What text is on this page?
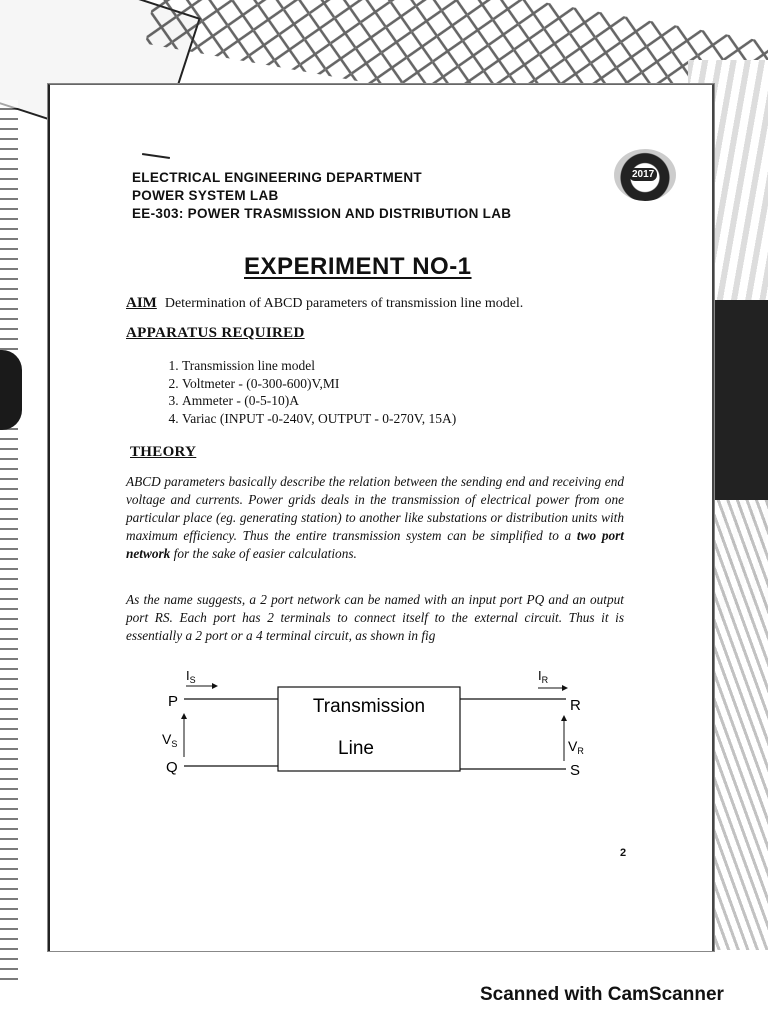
ELECTRICAL ENGINEERING DEPARTMENT
POWER SYSTEM LAB
EE-303: POWER TRASMISSION AND DISTRIBUTION LAB
2017
EXPERIMENT NO-1
AIM Determination of ABCD parameters of transmission line model.
APPARATUS REQUIRED
1. Transmission line model
2. Voltmeter - (0-300-600)V,MI
3. Ammeter - (0-5-10)A
4. Variac (INPUT -0-240V, OUTPUT - 0-270V, 15A)
THEORY

ABCD parameters basically describe the relation between the sending end and receiving end voltage and currents. Power grids deals in the transmission of electrical power from one particular place (eg. generating station) to another like substations or distribution units with maximum efficiency. Thus the entire transmission system can be simplified to a two port network for the sake of easier calculations.

As the name suggests, a 2 port network can be named with an input port PQ and an output port RS. Each port has 2 terminals to connect itself to the external circuit. Thus it is essentially a 2 port or a 4 terminal circuit, as shown in fig

Transmission
Line
P
Q
R
S
$I_S$	$I_R$
$V_S$	$V_R$
2
Scanned with CamScanner
